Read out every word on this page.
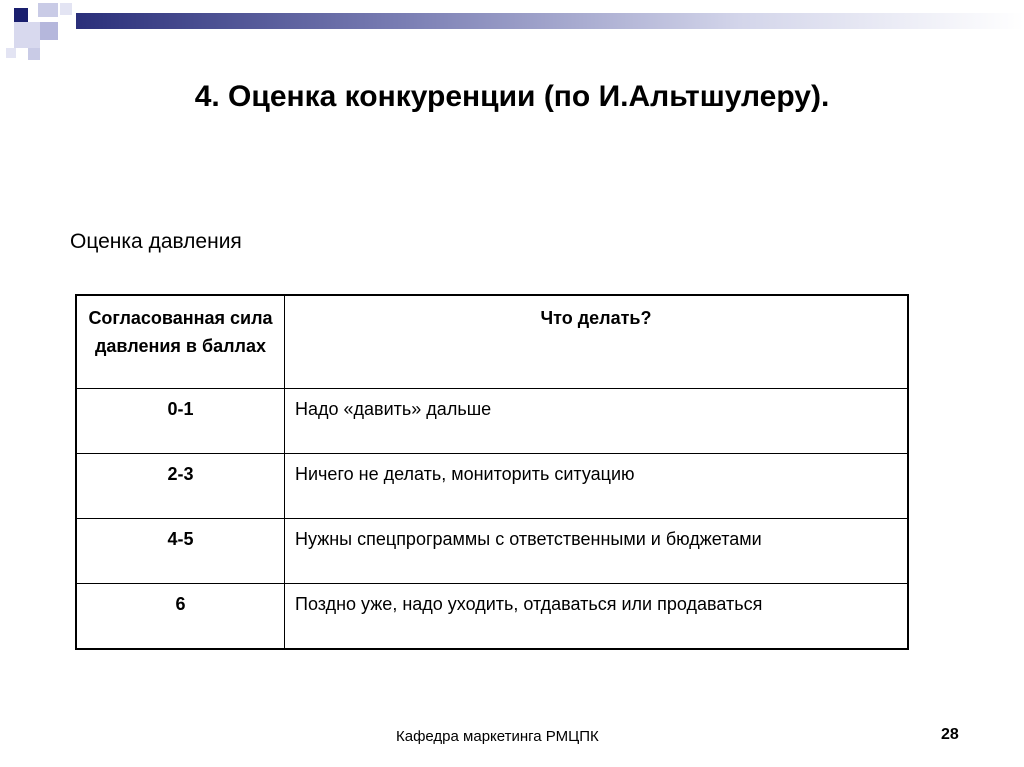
4. Оценка конкуренции (по И.Альтшулеру).
Оценка давления
Согласованная сила давления в баллах	Что делать?
0-1	Надо «давить» дальше
2-3	Ничего не делать, мониторить ситуацию
4-5	Нужны спецпрограммы с ответственными и бюджетами
6	Поздно уже, надо уходить, отдаваться или продаваться
Кафедра маркетинга РМЦПК	28
